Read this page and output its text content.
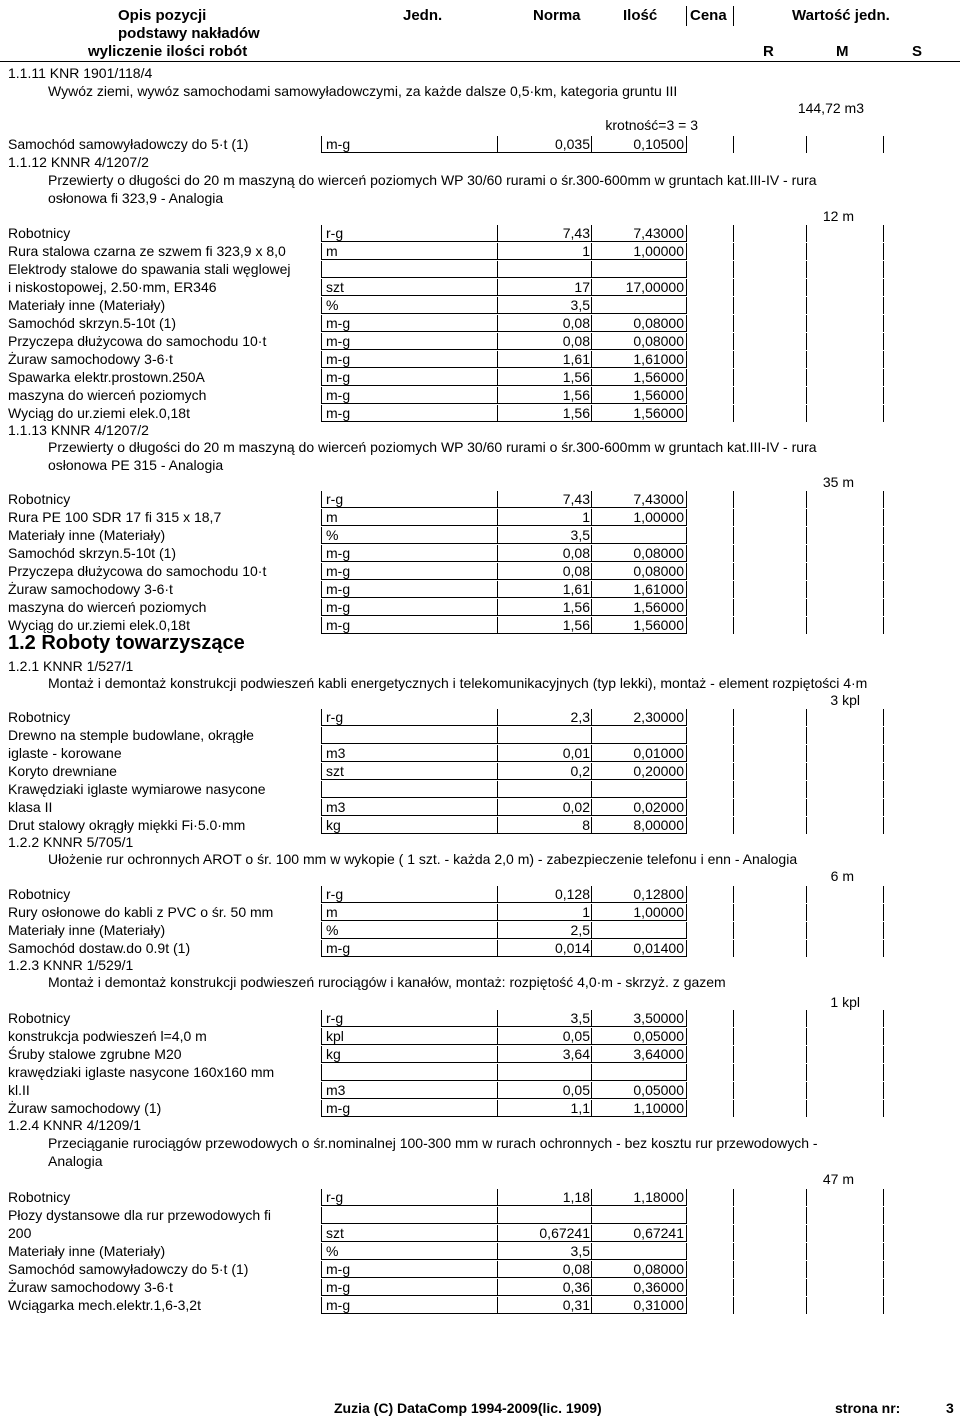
Opis pozycji
podstawy nakładów
wyliczenie ilości robót
Jedn.	Norma	Ilość Cena	Wartość jedn.
R	M	S
1.1.11 KNR 1901/118/4
Wywóz ziemi, wywóz samochodami samowyładowczymi, za każde dalsze 0,5·km, kategoria gruntu III
144,72 m3
krotność=3 = 3
Samochód samowyładowczy do 5·t (1)	m-g	0,035	0,10500
1.1.12 KNNR 4/1207/2
Przewierty o długości do 20 m maszyną do wierceń poziomych WP 30/60 rurami o śr.300-600mm w gruntach kat.III-IV - rura
osłonowa fi 323,9 - Analogia
12 m
Robotnicy	r-g	7,43	7,43000
Rura stalowa czarna ze szwem fi 323,9 x 8,0	m	1	1,00000
Elektrody stalowe do spawania stali węglowej
i niskostopowej, 2.50·mm, ER346	szt	17	17,00000
Materiały inne (Materiały)	%	3,5
Samochód skrzyn.5-10t (1)	m-g	0,08	0,08000
Przyczepa dłużycowa do samochodu 10·t	m-g	0,08	0,08000
Żuraw samochodowy 3-6·t	m-g	1,61	1,61000
Spawarka elektr.prostown.250A	m-g	1,56	1,56000
maszyna do wierceń poziomych	m-g	1,56	1,56000
Wyciąg do ur.ziemi elek.0,18t	m-g	1,56	1,56000
1.1.13 KNNR 4/1207/2
Przewierty o długości do 20 m maszyną do wierceń poziomych WP 30/60 rurami o śr.300-600mm w gruntach kat.III-IV - rura
osłonowa PE 315 - Analogia
35 m
Robotnicy	r-g	7,43	7,43000
Rura PE 100 SDR 17 fi 315 x 18,7	m	1	1,00000
Materiały inne (Materiały)	%	3,5
Samochód skrzyn.5-10t (1)	m-g	0,08	0,08000
Przyczepa dłużycowa do samochodu 10·t	m-g	0,08	0,08000
Żuraw samochodowy 3-6·t	m-g	1,61	1,61000
maszyna do wierceń poziomych	m-g	1,56	1,56000
Wyciąg do ur.ziemi elek.0,18t	m-g	1,56	1,56000
1.2 Roboty towarzyszące
1.2.1 KNNR 1/527/1
Montaż i demontaż konstrukcji podwieszeń kabli energetycznych i telekomunikacyjnych (typ lekki), montaż - element rozpiętości 4·m
3 kpl
Robotnicy	r-g	2,3	2,30000
Drewno na stemple budowlane, okrągłe
iglaste - korowane	m3	0,01	0,01000
Koryto drewniane	szt	0,2	0,20000
Krawędziaki iglaste wymiarowe nasycone
klasa II	m3	0,02	0,02000
Drut stalowy okrągły miękki Fi·5.0·mm	kg	8	8,00000
1.2.2 KNNR 5/705/1
Ułożenie rur ochronnych AROT o śr. 100 mm w wykopie ( 1 szt. - każda 2,0 m) - zabezpieczenie telefonu i enn - Analogia
6 m
Robotnicy	r-g	0,128	0,12800
Rury osłonowe do kabli z PVC o śr. 50 mm	m	1	1,00000
Materiały inne (Materiały)	%	2,5
Samochód dostaw.do 0.9t (1)	m-g	0,014	0,01400
1.2.3 KNNR 1/529/1
Montaż i demontaż konstrukcji podwieszeń rurociągów i kanałów, montaż: rozpiętość 4,0·m - skrzyż. z gazem
1 kpl
Robotnicy	r-g	3,5	3,50000
konstrukcja podwieszeń l=4,0 m	kpl	0,05	0,05000
Śruby stalowe zgrubne M20	kg	3,64	3,64000
krawędziaki iglaste nasycone 160x160 mm
kl.II	m3	0,05	0,05000
Żuraw samochodowy (1)	m-g	1,1	1,10000
1.2.4 KNNR 4/1209/1
Przeciąganie rurociągów przewodowych o śr.nominalnej 100-300 mm w rurach ochronnych - bez kosztu rur przewodowych -
Analogia
47 m
Robotnicy	r-g	1,18	1,18000
Płozy dystansowe dla rur przewodowych fi
200	szt	0,67241	0,67241
Materiały inne (Materiały)	%	3,5
Samochód samowyładowczy do 5·t (1)	m-g	0,08	0,08000
Żuraw samochodowy 3-6·t	m-g	0,36	0,36000
Wciągarka mech.elektr.1,6-3,2t	m-g	0,31	0,31000
Zuzia (C) DataComp 1994-2009(lic. 1909)	strona nr:	3
